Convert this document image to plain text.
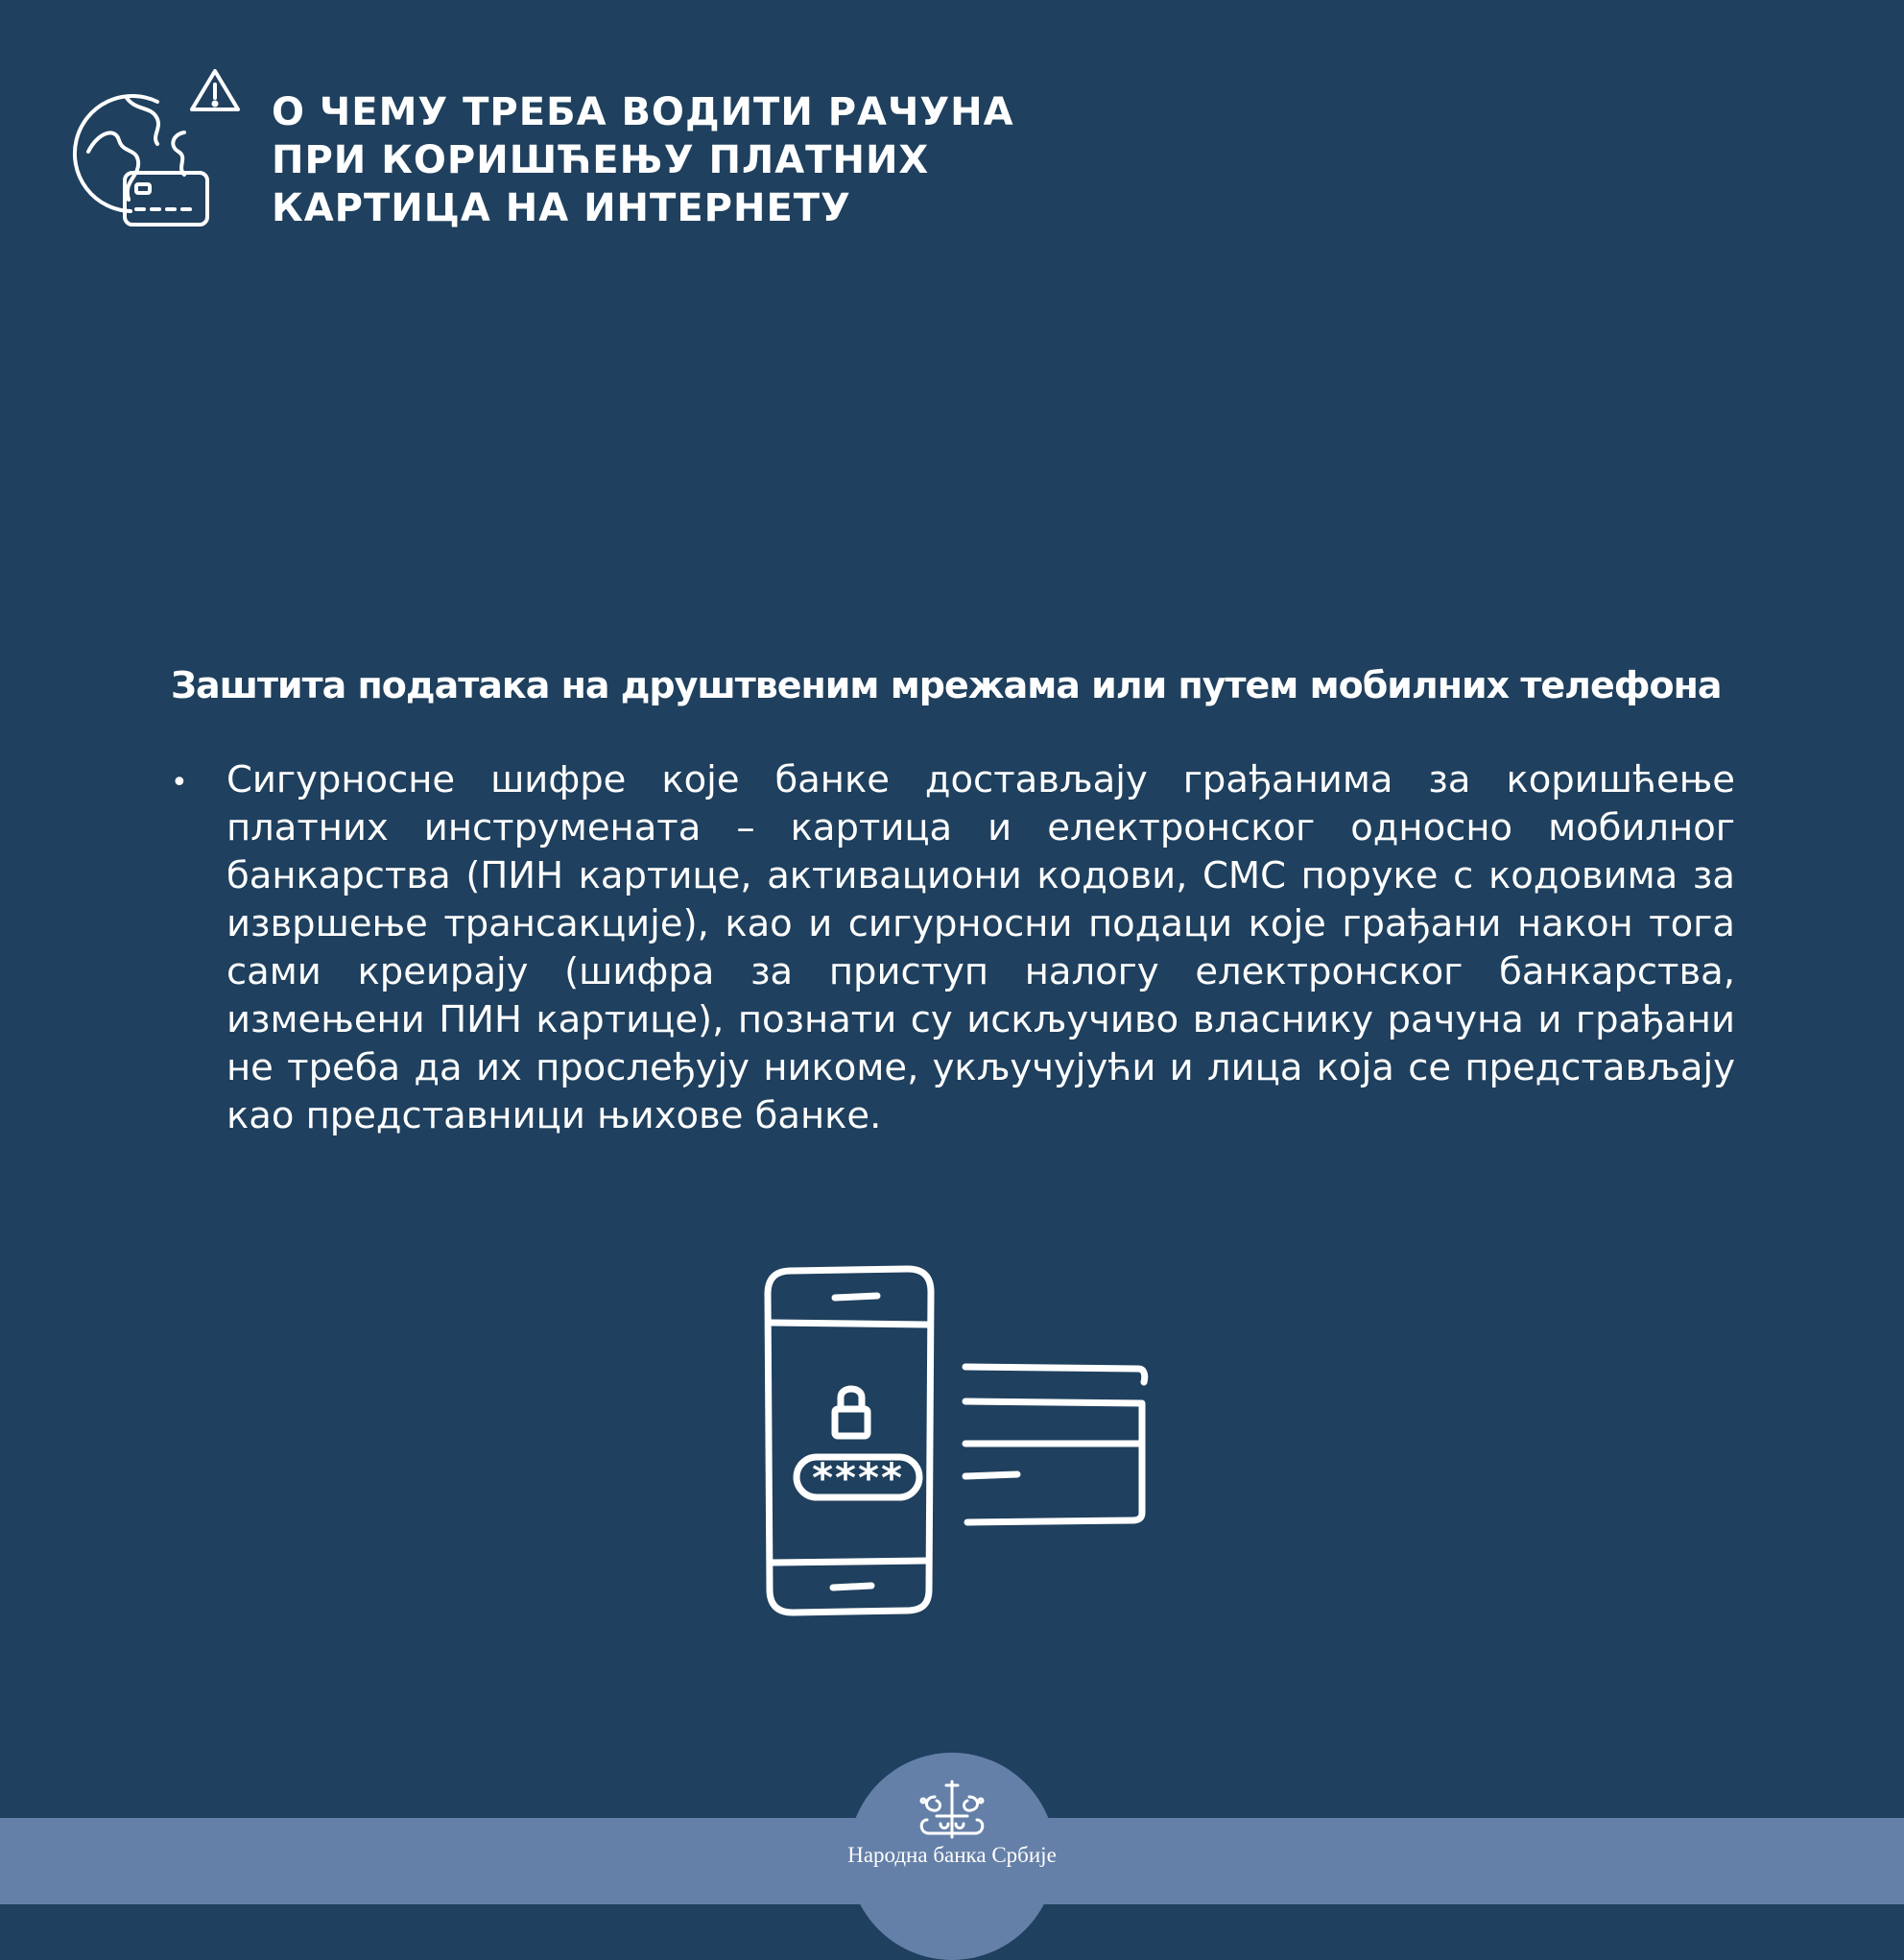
О ЧЕМУ ТРЕБА ВОДИТИ РАЧУНА
ПРИ КОРИШЋЕЊУ ПЛАТНИХ
КАРТИЦА НА ИНТЕРНЕТУ
Заштита података на друштвеним мрежама или путем мобилних телефона
• Сигурносне шифре које банке достављају грађанима за коришћење платних инструмената – картица и електронског односно мобилног банкарства (ПИН картице, активациони кодови, СМС поруке с кодовима за извршење трансакције), као и сигурносни подаци које грађани након тога сами креирају (шифра за приступ налогу електронског банкарства, измењени ПИН картице), познати су искључиво власнику рачуна и грађани не треба да их прослеђују никоме, укључујући и лица која се представљају као представници њихове банке.
****

Народна банка Србије
